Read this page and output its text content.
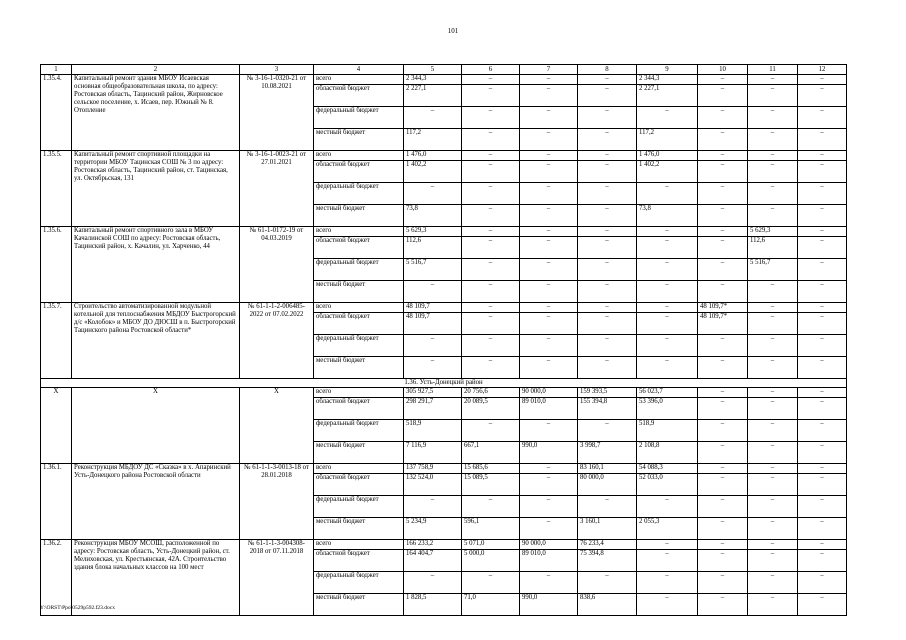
101
1	2	3	4	5	6	7	8	9	10	11	12
1.35.4.	Капитальный ремонт здания МБОУ Исаевская основная общеобразовательная школа, по адресу: Ростовская область, Тацинский район, Жирновское сельское поселение, х. Исаев, пер. Южный № 8. Отопление	№ 3-16-1-0320-21 от 10.08.2021	всего	2 344,3	–	–	–	2 344,3	–	–	–
			областной бюджет	2 227,1	–	–	–	2 227,1	–	–	–
			федеральный бюджет	–	–	–	–	–	–	–	–
			местный бюджет	117,2	–	–	–	117,2	–	–	–
1.35.5.	Капитальный ремонт спортивной площадки на территории МБОУ Тацинская СОШ № 3 по адресу: Ростовская область, Тацинский район, ст. Тацинская, ул. Октябрьская, 131	№ 3-16-1-0023-21 от 27.01.2021	всего	1 476,0	–	–	–	1 476,0	–	–	–
			областной бюджет	1 402,2	–	–	–	1 402,2	–	–	–
			федеральный бюджет	–	–	–	–	–	–	–	–
			местный бюджет	73,8	–	–	–	73,8	–	–	–
1.35.6.	Капитальный ремонт спортивного зала в МБОУ Качалинской СОШ по адресу: Ростовская область, Тацинский район, х. Качалин, ул. Харченко, 44	№ 61-1-0172-19 от 04.03.2019	всего	5 629,3	–	–	–	–	–	5 629,3	–
			областной бюджет	112,6	–	–	–	–	–	112,6	–
			федеральный бюджет	5 516,7	–	–	–	–	–	5 516,7	–
			местный бюджет	–	–	–	–	–	–	–	–
1.35.7.	Строительство автоматизированной модульной котельной для теплоснабжения МБДОУ Быстрогорский д/с «Колобок» и МБОУ ДО ДЮСШ в п. Быстрогорский Тацинского района Ростовской области*	№ 61-1-1-2-006485-2022 от 07.02.2022	всего	48 109,7	–	–	–	–	48 109,7*	–	–
			областной бюджет	48 109,7	–	–	–	–	48 109,7*	–	–
			федеральный бюджет	–	–	–	–	–	–	–	–
			местный бюджет	–	–	–	–	–	–	–	–
1.36. Усть-Донецкий район											
Х	Х	Х	всего	305 927,5	20 756,6	90 000,0	159 393,5	56 023,7	–	–	–
			областной бюджет	298 291,7	20 089,5	89 010,0	155 394,8	53 396,0	–	–	–
			федеральный бюджет	518,9	–	–	–	518,9	–	–	–
			местный бюджет	7 116,9	667,1	990,0	3 998,7	2 108,8	–	–	–
1.36.1.	Реконструкция МБДОУ ДС «Сказка» в х. Апаринский Усть-Донецкого района Ростовской области	№ 61-1-1-3-0013-18 от 28.01.2018	всего	137 758,9	15 685,6	–	83 160,1	54 088,3	–	–	–
			областной бюджет	132 524,0	15 089,5	–	80 000,0	52 033,0	–	–	–
			федеральный бюджет	–	–	–	–	–	–	–	–
			местный бюджет	5 234,9	596,1	–	3 160,1	2 055,3	–	–	–
1.36.2.	Реконструкция МБОУ МСОШ, расположенной по адресу: Ростовская область, Усть-Донецкий район, ст. Мелиховская, ул. Крестьянская, 42А. Строительство здания блока начальных классов на 100 мест	№ 61-1-1-3-004308-2018 от 07.11.2018	всего	166 233,2	5 071,0	90 000,0	76 233,4	–	–	–	–
			областной бюджет	164 404,7	5 000,0	89 010,0	75 394,8	–	–	–	–
			федеральный бюджет	–	–	–	–	–	–	–	–
			местный бюджет	1 828,5	71,0	990,0	838,6	–	–	–	–
Y:\ORST\Ppo\0529p592.f23.docx
